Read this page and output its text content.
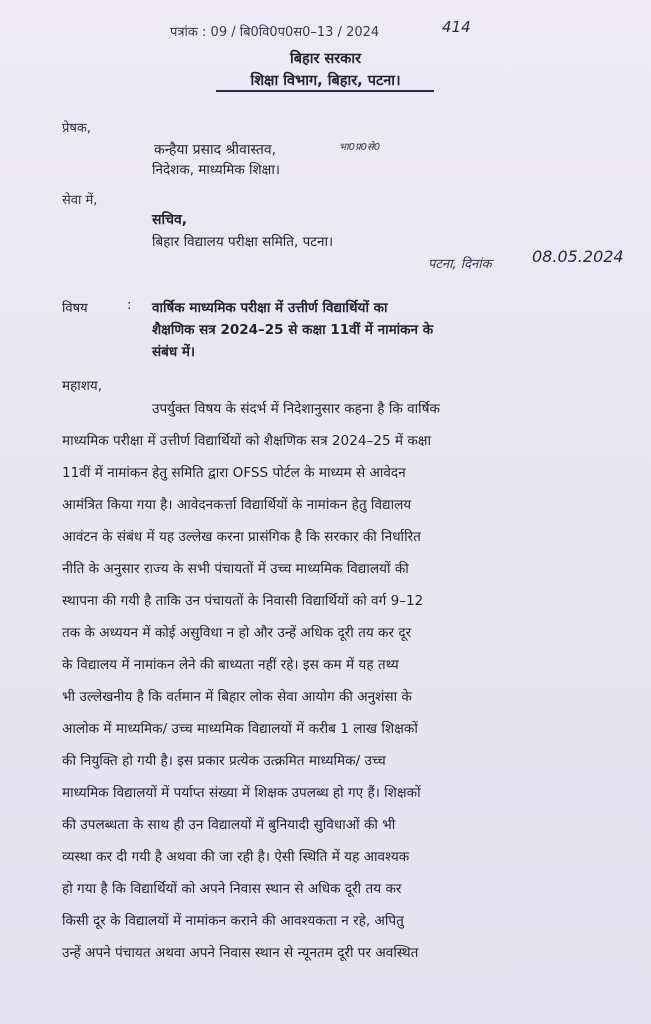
पत्रांक : 09 / बि0वि0प0स0–13 / 2024	414
बिहार सरकार
शिक्षा विभाग, बिहार, पटना।
प्रेषक,
कन्हैया प्रसाद श्रीवास्तव,	भा0प्र0से0
निदेशक, माध्यमिक शिक्षा।
सेवा में,
सचिव,
बिहार विद्यालय परीक्षा समिति, पटना।
पटना, दिनांक	08.05.2024
विषय	: वार्षिक माध्यमिक परीक्षा में उत्तीर्ण विद्यार्थियों का
शैक्षणिक सत्र 2024–25 से कक्षा 11वीं में नामांकन के
संबंध में।
महाशय,
उपर्युक्त विषय के संदर्भ में निदेशानुसार कहना है कि वार्षिक
माध्यमिक परीक्षा में उत्तीर्ण विद्यार्थियों को शैक्षणिक सत्र 2024–25 में कक्षा
11वीं में नामांकन हेतु समिति द्वारा OFSS पोर्टल के माध्यम से आवेदन
आमंत्रित किया गया है। आवेदनकर्त्ता विद्यार्थियों के नामांकन हेतु विद्यालय
आवंटन के संबंध में यह उल्लेख करना प्रासंगिक है कि सरकार की निर्धारित
नीति के अनुसार राज्य के सभी पंचायतों में उच्च माध्यमिक विद्यालयों की
स्थापना की गयी है ताकि उन पंचायतों के निवासी विद्यार्थियों को वर्ग 9–12
तक के अध्ययन में कोई असुविधा न हो और उन्हें अधिक दूरी तय कर दूर
के विद्यालय में नामांकन लेने की बाध्यता नहीं रहे। इस कम में यह तथ्य
भी उल्लेखनीय है कि वर्तमान में बिहार लोक सेवा आयोग की अनुशंसा के
आलोक में माध्यमिक/ उच्च माध्यमिक विद्यालयों में करीब 1 लाख शिक्षकों
की नियुक्ति हो गयी है। इस प्रकार प्रत्येक उत्क्रमित माध्यमिक/ उच्च
माध्यमिक विद्यालयों में पर्याप्त संख्या में शिक्षक उपलब्ध हो गए हैं। शिक्षकों
की उपलब्धता के साथ ही उन विद्यालयों में बुनियादी सुविधाओं की भी
व्यस्था कर दी गयी है अथवा की जा रही है। ऐसी स्थिति में यह आवश्यक
हो गया है कि विद्यार्थियों को अपने निवास स्थान से अधिक दूरी तय कर
किसी दूर के विद्यालयों में नामांकन कराने की आवश्यकता न रहे, अपितु
उन्हें अपने पंचायत अथवा अपने निवास स्थान से न्यूनतम दूरी पर अवस्थित
